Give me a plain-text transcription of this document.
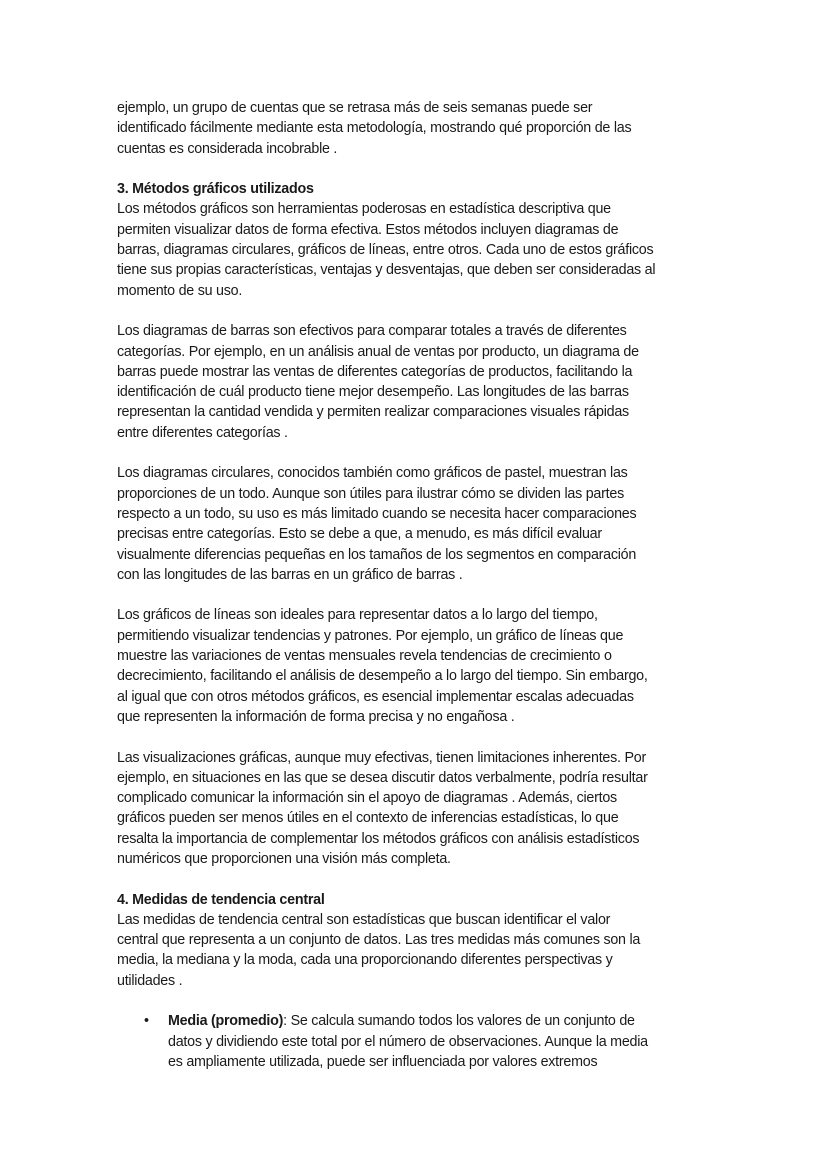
ejemplo, un grupo de cuentas que se retrasa más de seis semanas puede ser
identificado fácilmente mediante esta metodología, mostrando qué proporción de las
cuentas es considerada incobrable .
3. Métodos gráficos utilizados
Los métodos gráficos son herramientas poderosas en estadística descriptiva que
permiten visualizar datos de forma efectiva. Estos métodos incluyen diagramas de
barras, diagramas circulares, gráficos de líneas, entre otros. Cada uno de estos gráficos
tiene sus propias características, ventajas y desventajas, que deben ser consideradas al
momento de su uso.
Los diagramas de barras son efectivos para comparar totales a través de diferentes
categorías. Por ejemplo, en un análisis anual de ventas por producto, un diagrama de
barras puede mostrar las ventas de diferentes categorías de productos, facilitando la
identificación de cuál producto tiene mejor desempeño. Las longitudes de las barras
representan la cantidad vendida y permiten realizar comparaciones visuales rápidas
entre diferentes categorías .
Los diagramas circulares, conocidos también como gráficos de pastel, muestran las
proporciones de un todo. Aunque son útiles para ilustrar cómo se dividen las partes
respecto a un todo, su uso es más limitado cuando se necesita hacer comparaciones
precisas entre categorías. Esto se debe a que, a menudo, es más difícil evaluar
visualmente diferencias pequeñas en los tamaños de los segmentos en comparación
con las longitudes de las barras en un gráfico de barras .
Los gráficos de líneas son ideales para representar datos a lo largo del tiempo,
permitiendo visualizar tendencias y patrones. Por ejemplo, un gráfico de líneas que
muestre las variaciones de ventas mensuales revela tendencias de crecimiento o
decrecimiento, facilitando el análisis de desempeño a lo largo del tiempo. Sin embargo,
al igual que con otros métodos gráficos, es esencial implementar escalas adecuadas
que representen la información de forma precisa y no engañosa .
Las visualizaciones gráficas, aunque muy efectivas, tienen limitaciones inherentes. Por
ejemplo, en situaciones en las que se desea discutir datos verbalmente, podría resultar
complicado comunicar la información sin el apoyo de diagramas . Además, ciertos
gráficos pueden ser menos útiles en el contexto de inferencias estadísticas, lo que
resalta la importancia de complementar los métodos gráficos con análisis estadísticos
numéricos que proporcionen una visión más completa.
4. Medidas de tendencia central
Las medidas de tendencia central son estadísticas que buscan identificar el valor
central que representa a un conjunto de datos. Las tres medidas más comunes son la
media, la mediana y la moda, cada una proporcionando diferentes perspectivas y
utilidades .
• Media (promedio): Se calcula sumando todos los valores de un conjunto de
datos y dividiendo este total por el número de observaciones. Aunque la media
es ampliamente utilizada, puede ser influenciada por valores extremos
